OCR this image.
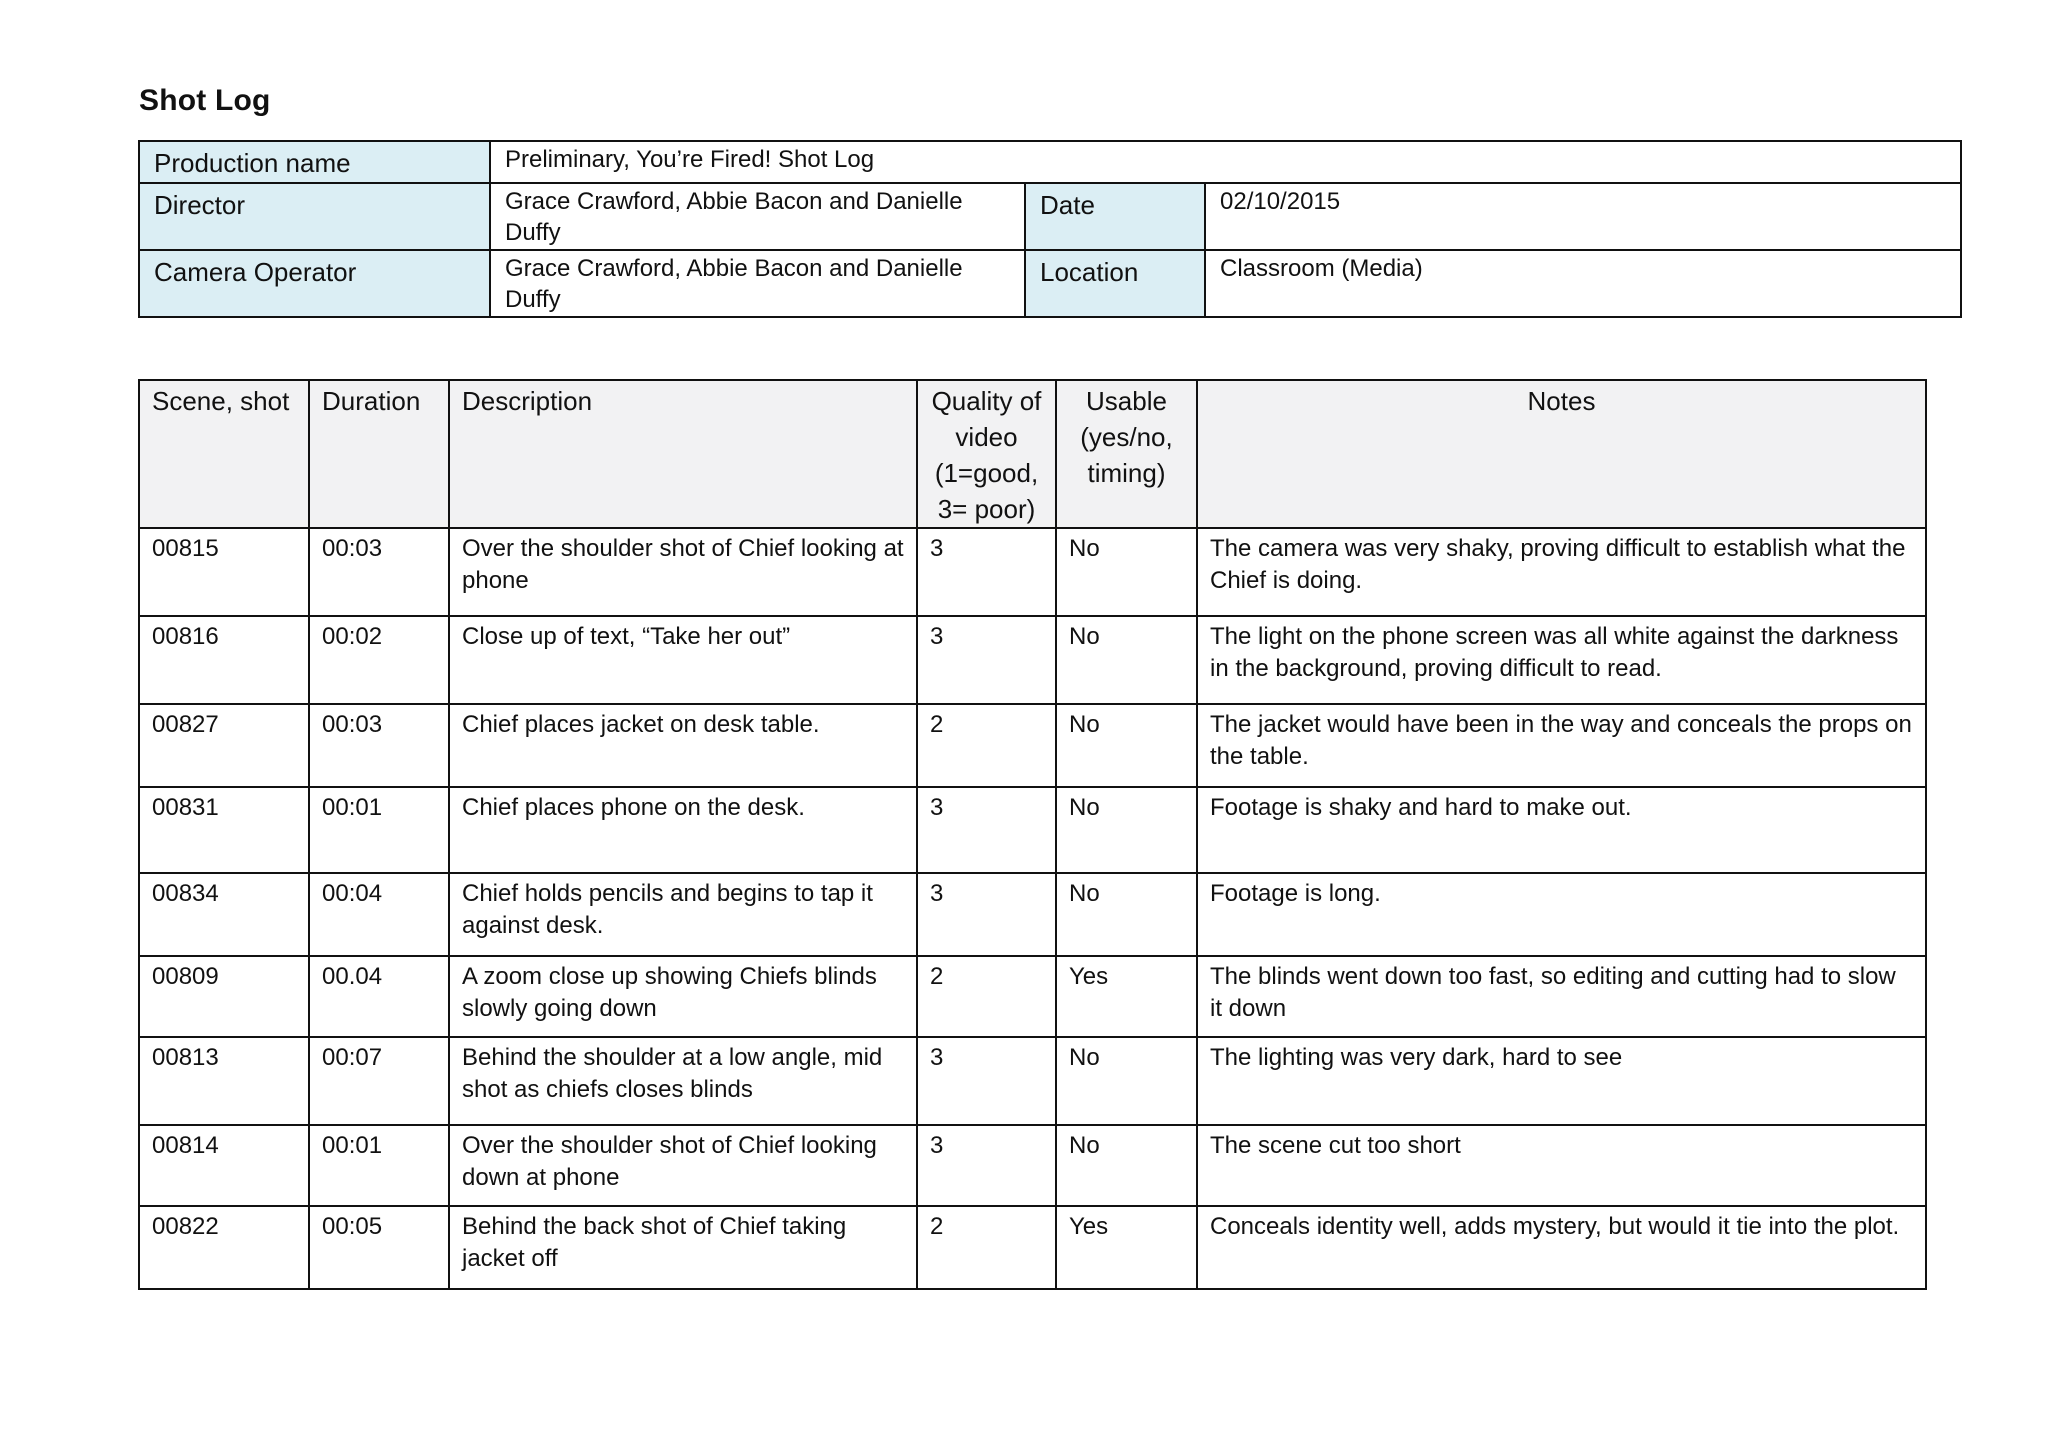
Shot Log
Production name	Preliminary, You’re Fired! Shot Log		
Director	Grace Crawford, Abbie Bacon and Danielle Duffy	Date	02/10/2015
Camera Operator	Grace Crawford, Abbie Bacon and Danielle Duffy	Location	Classroom (Media)
Scene, shot	Duration	Description	Quality of video (1=good, 3= poor)	Usable (yes/no, timing)	Notes
00815	00:03	Over the shoulder shot of Chief looking at phone	3	No	The camera was very shaky, proving difficult to establish what the Chief is doing.
00816	00:02	Close up of text, “Take her out”	3	No	The light on the phone screen was all white against the darkness in the background, proving difficult to read.
00827	00:03	Chief places jacket on desk table.	2	No	The jacket would have been in the way and conceals the props on the table.
00831	00:01	Chief places phone on the desk.	3	No	Footage is shaky and hard to make out.
00834	00:04	Chief holds pencils and begins to tap it against desk.	3	No	Footage is long.
00809	00.04	A zoom close up showing Chiefs blinds slowly going down	2	Yes	The blinds went down too fast, so editing and cutting had to slow it down
00813	00:07	Behind the shoulder at a low angle, mid shot as chiefs closes blinds	3	No	The lighting was very dark, hard to see
00814	00:01	Over the shoulder shot of Chief looking down at phone	3	No	The scene cut too short
00822	00:05	Behind the back shot of Chief taking jacket off	2	Yes	Conceals identity well, adds mystery, but would it tie into the plot.
